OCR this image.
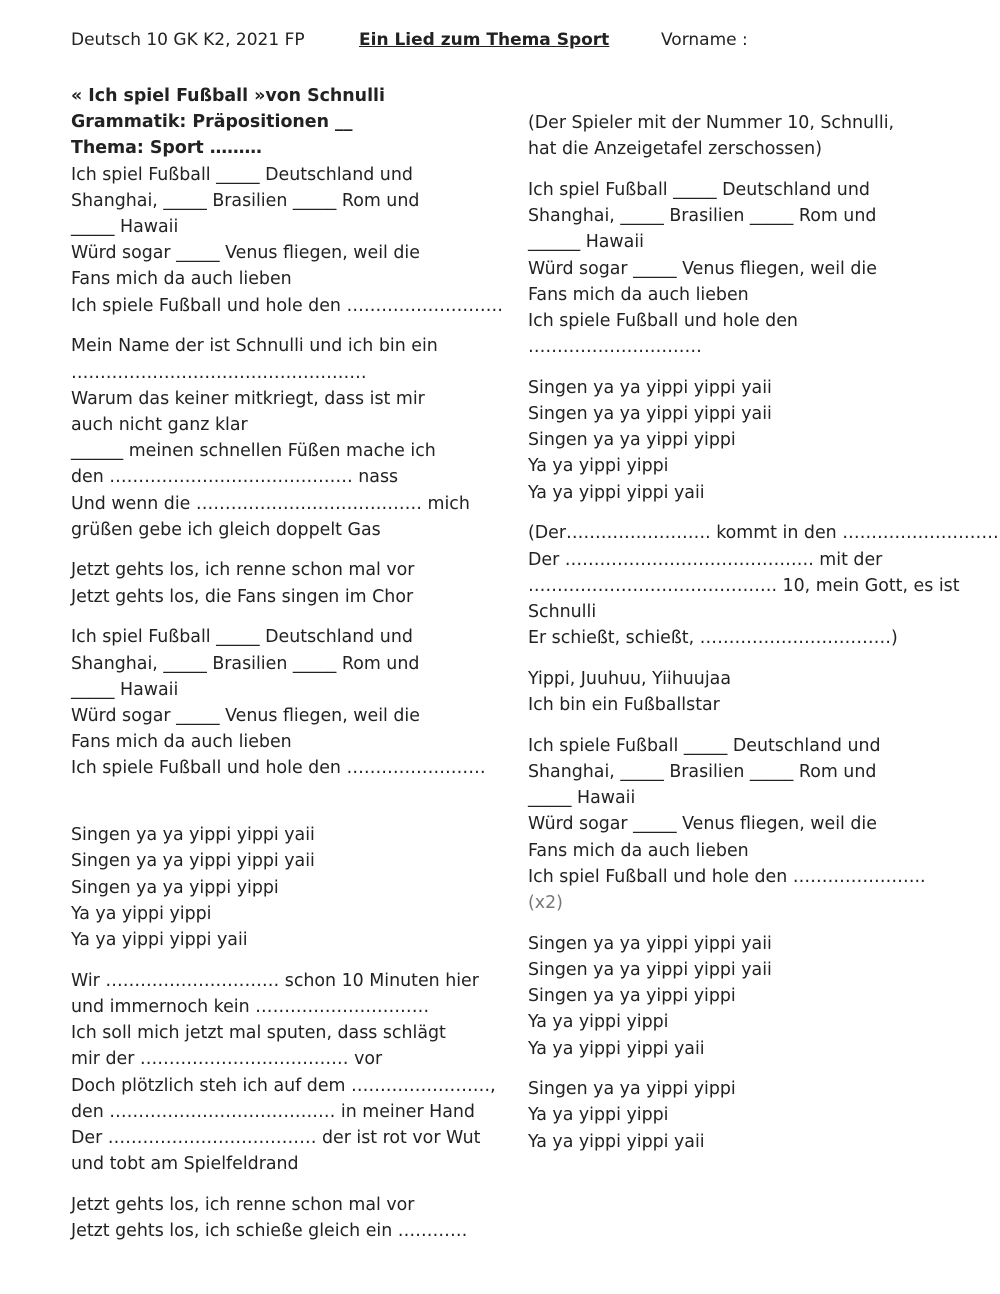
Deutsch 10 GK K2, 2021 FP	Ein Lied zum Thema Sport	Vorname :
« Ich spiel Fußball »von Schnulli
Grammatik: Präpositionen __
Thema: Sport ………
Ich spiel Fußball _____ Deutschland und
Shanghai, _____ Brasilien _____ Rom und
_____ Hawaii
Würd sogar _____ Venus fliegen, weil die
Fans mich da auch lieben
Ich spiele Fußball und hole den ………………………
Mein Name der ist Schnulli und ich bin ein
……………………………………………
Warum das keiner mitkriegt, dass ist mir
auch nicht ganz klar
______ meinen schnellen Füßen mache ich
den …………………………………… nass
Und wenn die ………………………………… mich
grüßen gebe ich gleich doppelt Gas
Jetzt gehts los, ich renne schon mal vor
Jetzt gehts los, die Fans singen im Chor
Ich spiel Fußball _____ Deutschland und
Shanghai, _____ Brasilien _____ Rom und
_____ Hawaii
Würd sogar _____ Venus fliegen, weil die
Fans mich da auch lieben
Ich spiele Fußball und hole den ……………………

Singen ya ya yippi yippi yaii
Singen ya ya yippi yippi yaii
Singen ya ya yippi yippi
Ya ya yippi yippi
Ya ya yippi yippi yaii
Wir ………………………… schon 10 Minuten hier
und immernoch kein …………………………
Ich soll mich jetzt mal sputen, dass schlägt
mir der ……………………………… vor
Doch plötzlich steh ich auf dem ……………………,
den ………………………………… in meiner Hand
Der ……………………………… der ist rot vor Wut
und tobt am Spielfeldrand
Jetzt gehts los, ich renne schon mal vor
Jetzt gehts los, ich schieße gleich ein …………
(Der Spieler mit der Nummer 10, Schnulli,
hat die Anzeigetafel zerschossen)
Ich spiel Fußball _____ Deutschland und
Shanghai, _____ Brasilien _____ Rom und
______ Hawaii
Würd sogar _____ Venus fliegen, weil die
Fans mich da auch lieben
Ich spiele Fußball und hole den
…………………………
Singen ya ya yippi yippi yaii
Singen ya ya yippi yippi yaii
Singen ya ya yippi yippi
Ya ya yippi yippi
Ya ya yippi yippi yaii
(Der……………………. kommt in den ………………………
Der ……………………………………. mit der
……………………………………. 10, mein Gott, es ist
Schnulli
Er schießt, schießt, ……………………………)
Yippi, Juuhuu, Yiihuujaa
Ich bin ein Fußballstar
Ich spiele Fußball _____ Deutschland und
Shanghai, _____ Brasilien _____ Rom und
_____ Hawaii
Würd sogar _____ Venus fliegen, weil die
Fans mich da auch lieben
Ich spiel Fußball und hole den …………………..
(x2)
Singen ya ya yippi yippi yaii
Singen ya ya yippi yippi yaii
Singen ya ya yippi yippi
Ya ya yippi yippi
Ya ya yippi yippi yaii
Singen ya ya yippi yippi
Ya ya yippi yippi
Ya ya yippi yippi yaii
